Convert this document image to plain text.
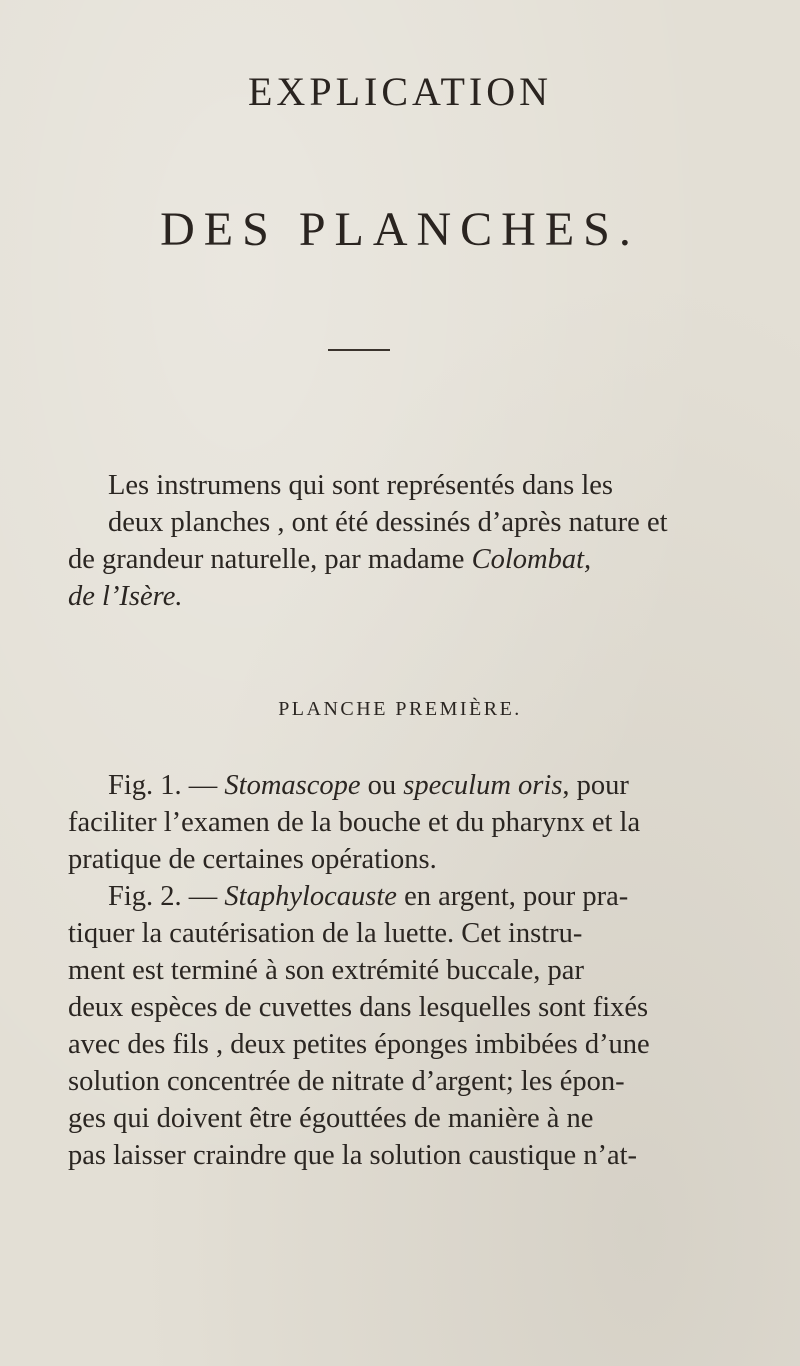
EXPLICATION
DES PLANCHES.
Les instrumens qui sont représentés dans les
deux planches , ont été dessinés d’après nature et
de grandeur naturelle, par madame Colombat,
de l’Isère.
PLANCHE PREMIÈRE.
Fig. 1. — Stomascope ou speculum oris, pour
faciliter l’examen de la bouche et du pharynx et la
pratique de certaines opérations.
Fig. 2. — Staphylocauste en argent, pour pra-
tiquer la cautérisation de la luette. Cet instru-
ment est terminé à son extrémité buccale, par
deux espèces de cuvettes dans lesquelles sont fixés
avec des fils , deux petites éponges imbibées d’une
solution concentrée de nitrate d’argent; les épon-
ges qui doivent être égouttées de manière à ne
pas laisser craindre que la solution caustique n’at-
